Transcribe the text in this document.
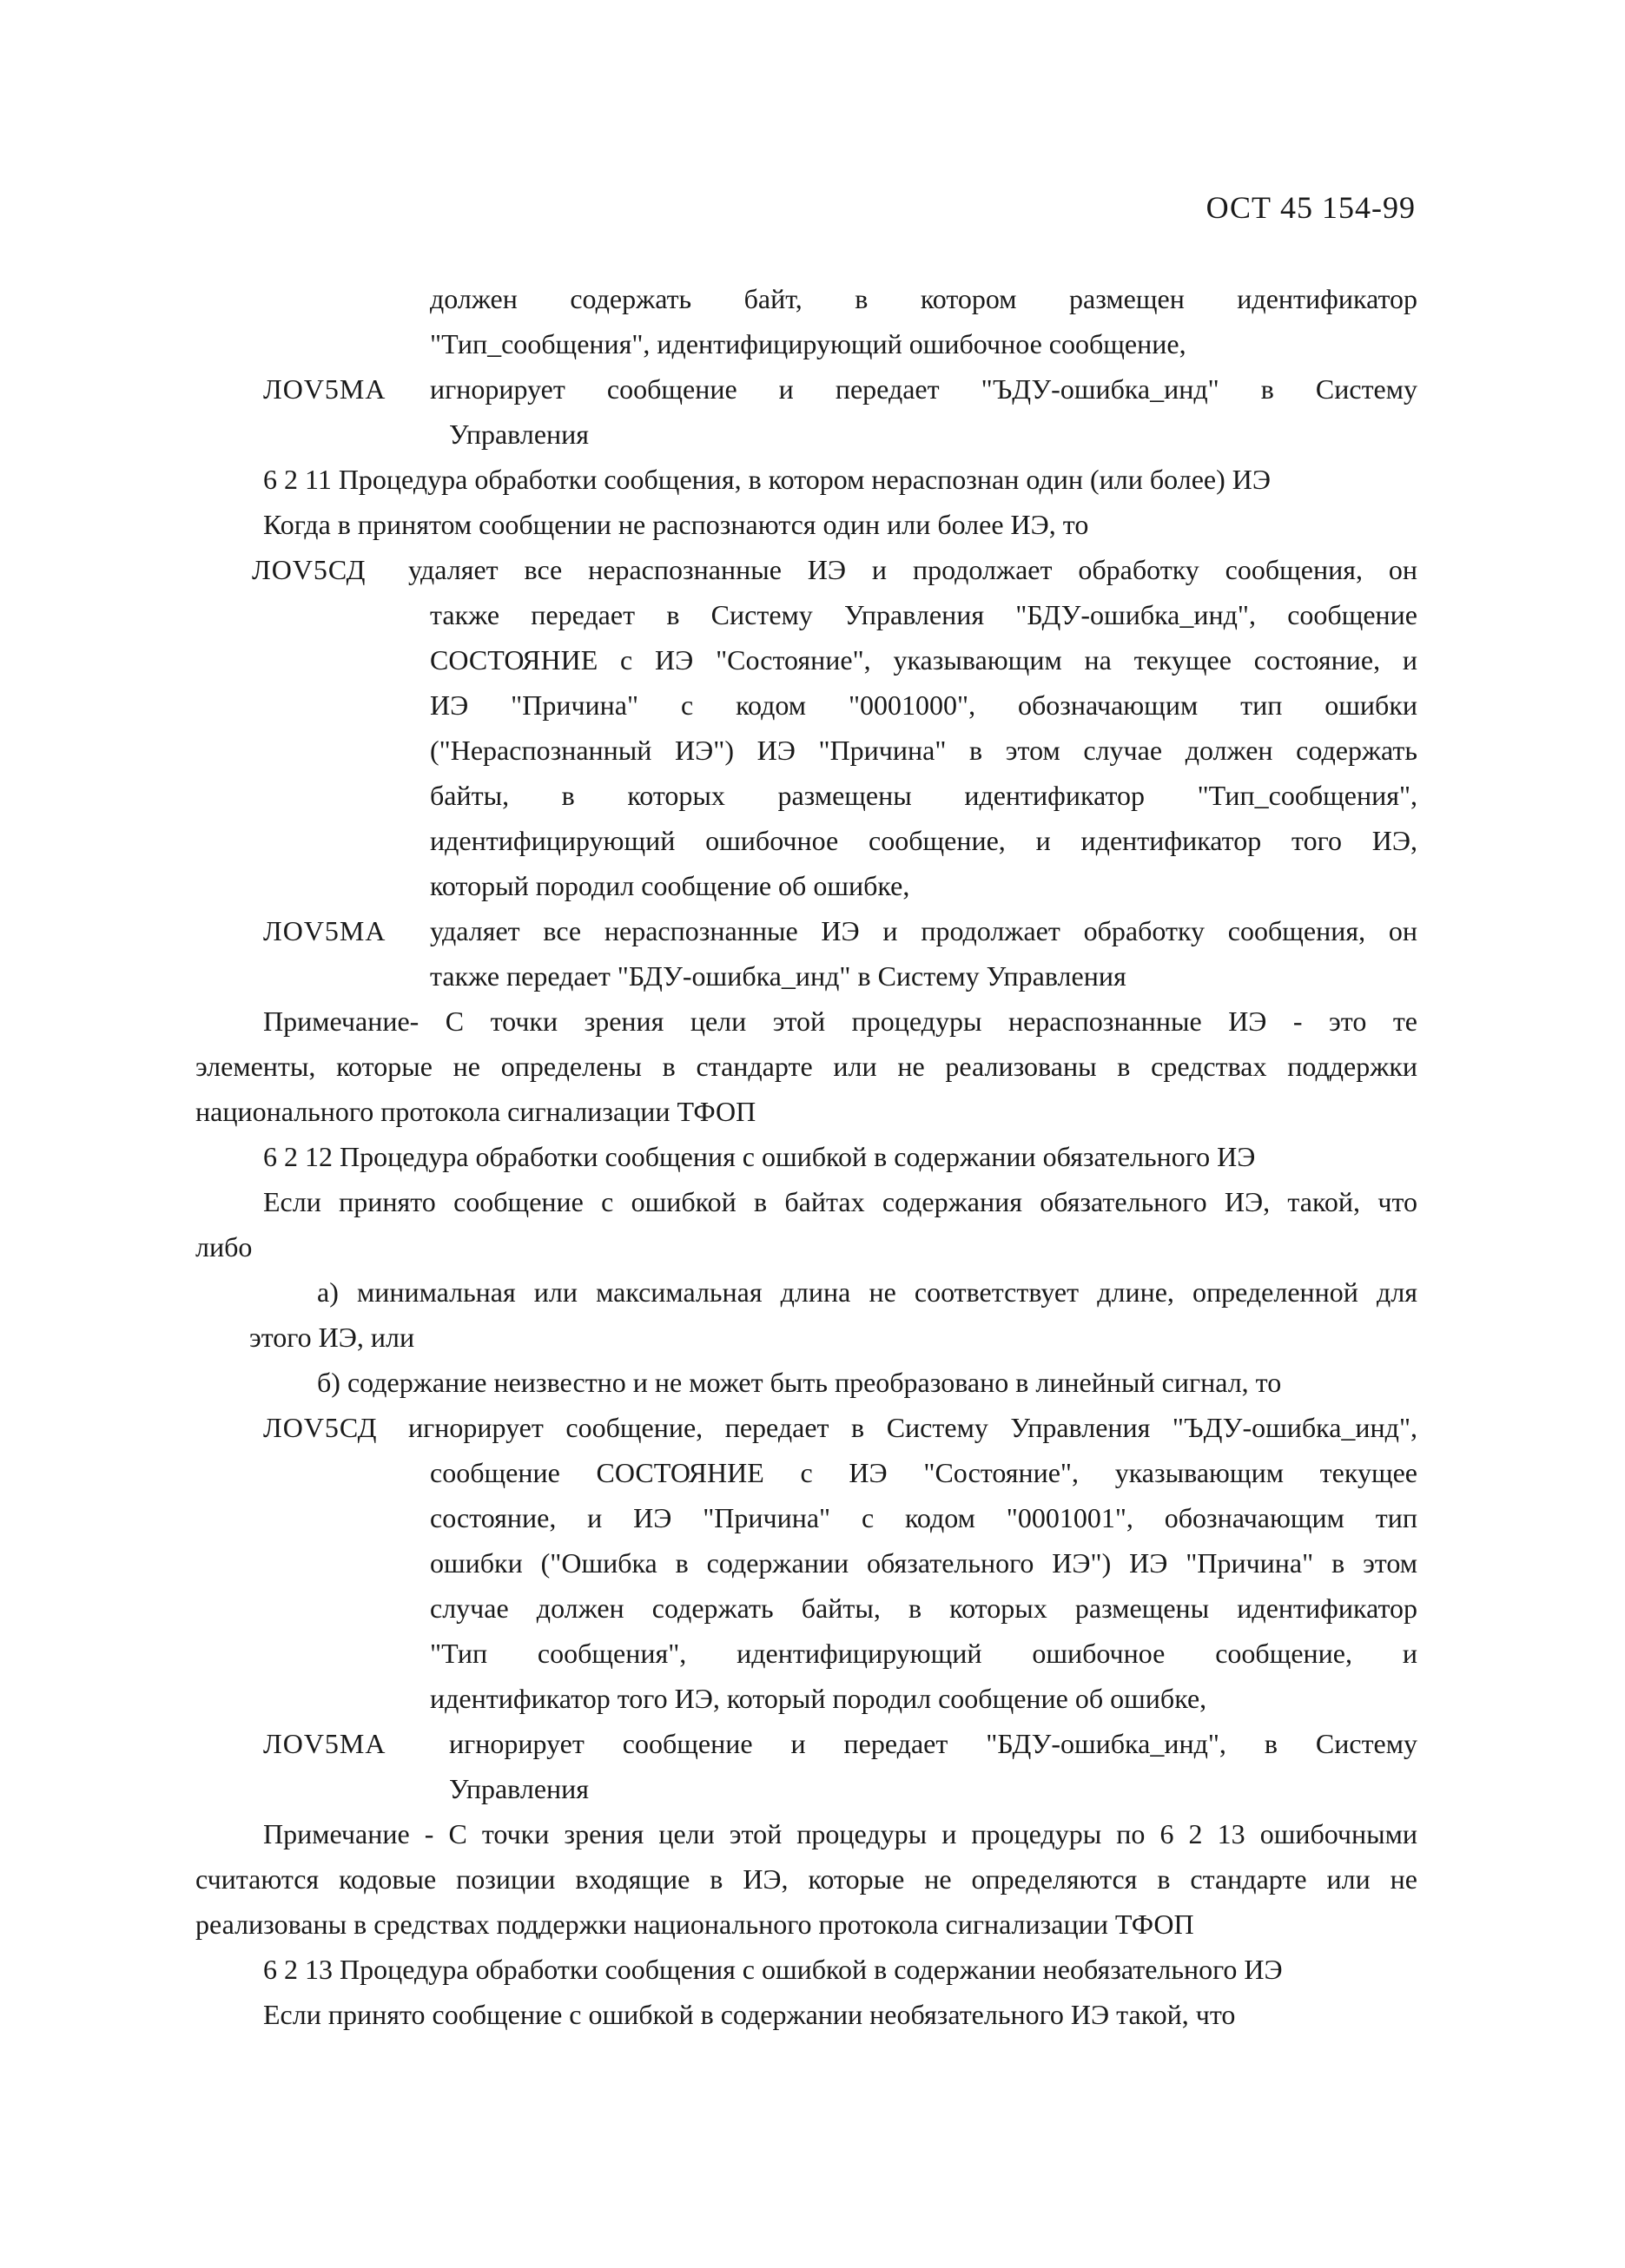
ОСТ 45 154-99
должен содержать байт, в котором размещен идентификатор
"Тип_сообщения", идентифицирующий ошибочное сообщение,
ЛОV5МА игнорирует сообщение и передает "ЪДУ-ошибка_инд" в Систему
Управления
6 2 11 Процедура обработки сообщения, в котором нераспознан один (или более) ИЭ
Когда в принятом сообщении не распознаются один или более ИЭ, то
ЛОV5СД удаляет все нераспознанные ИЭ и продолжает обработку сообщения, он
также передает в Систему Управления "БДУ-ошибка_инд", сообщение
СОСТОЯНИЕ с ИЭ "Состояние", указывающим на текущее состояние, и
ИЭ "Причина" с кодом "0001000", обозначающим тип ошибки
("Нераспознанный ИЭ") ИЭ "Причина" в этом случае должен содержать
байты, в которых размещены идентификатор "Тип_сообщения",
идентифицирующий ошибочное сообщение, и идентификатор того ИЭ,
который породил сообщение об ошибке,
ЛОV5МА удаляет все нераспознанные ИЭ и продолжает обработку сообщения, он
также передает "БДУ-ошибка_инд" в Систему Управления
Примечание- С точки зрения цели этой процедуры нераспознанные ИЭ - это те
элементы, которые не определены в стандарте или не реализованы в средствах поддержки
национального протокола сигнализации ТФОП
6 2 12 Процедура обработки сообщения с ошибкой в содержании обязательного ИЭ
Если принято сообщение с ошибкой в байтах содержания обязательного ИЭ, такой, что
либо
а) минимальная или максимальная длина не соответствует длине, определенной для
этого ИЭ, или
б) содержание неизвестно и не может быть преобразовано в линейный сигнал, то
ЛОV5СД игнорирует сообщение, передает в Систему Управления "ЪДУ-ошибка_инд",
сообщение СОСТОЯНИЕ с ИЭ "Состояние", указывающим текущее
состояние, и ИЭ "Причина" с кодом "0001001", обозначающим тип
ошибки ("Ошибка в содержании обязательного ИЭ") ИЭ "Причина" в этом
случае должен содержать байты, в которых размещены идентификатор
"Тип сообщения", идентифицирующий ошибочное сообщение, и
идентификатор того ИЭ, который породил сообщение об ошибке,
ЛОV5МА игнорирует сообщение и передает "БДУ-ошибка_инд", в Систему
Управления
Примечание - С точки зрения цели этой процедуры и процедуры по 6 2 13 ошибочными
считаются кодовые позиции входящие в ИЭ, которые не определяются в стандарте или не
реализованы в средствах поддержки национального протокола сигнализации ТФОП
6 2 13 Процедура обработки сообщения с ошибкой в содержании необязательного ИЭ
Если принято сообщение с ошибкой в содержании необязательного ИЭ такой, что
